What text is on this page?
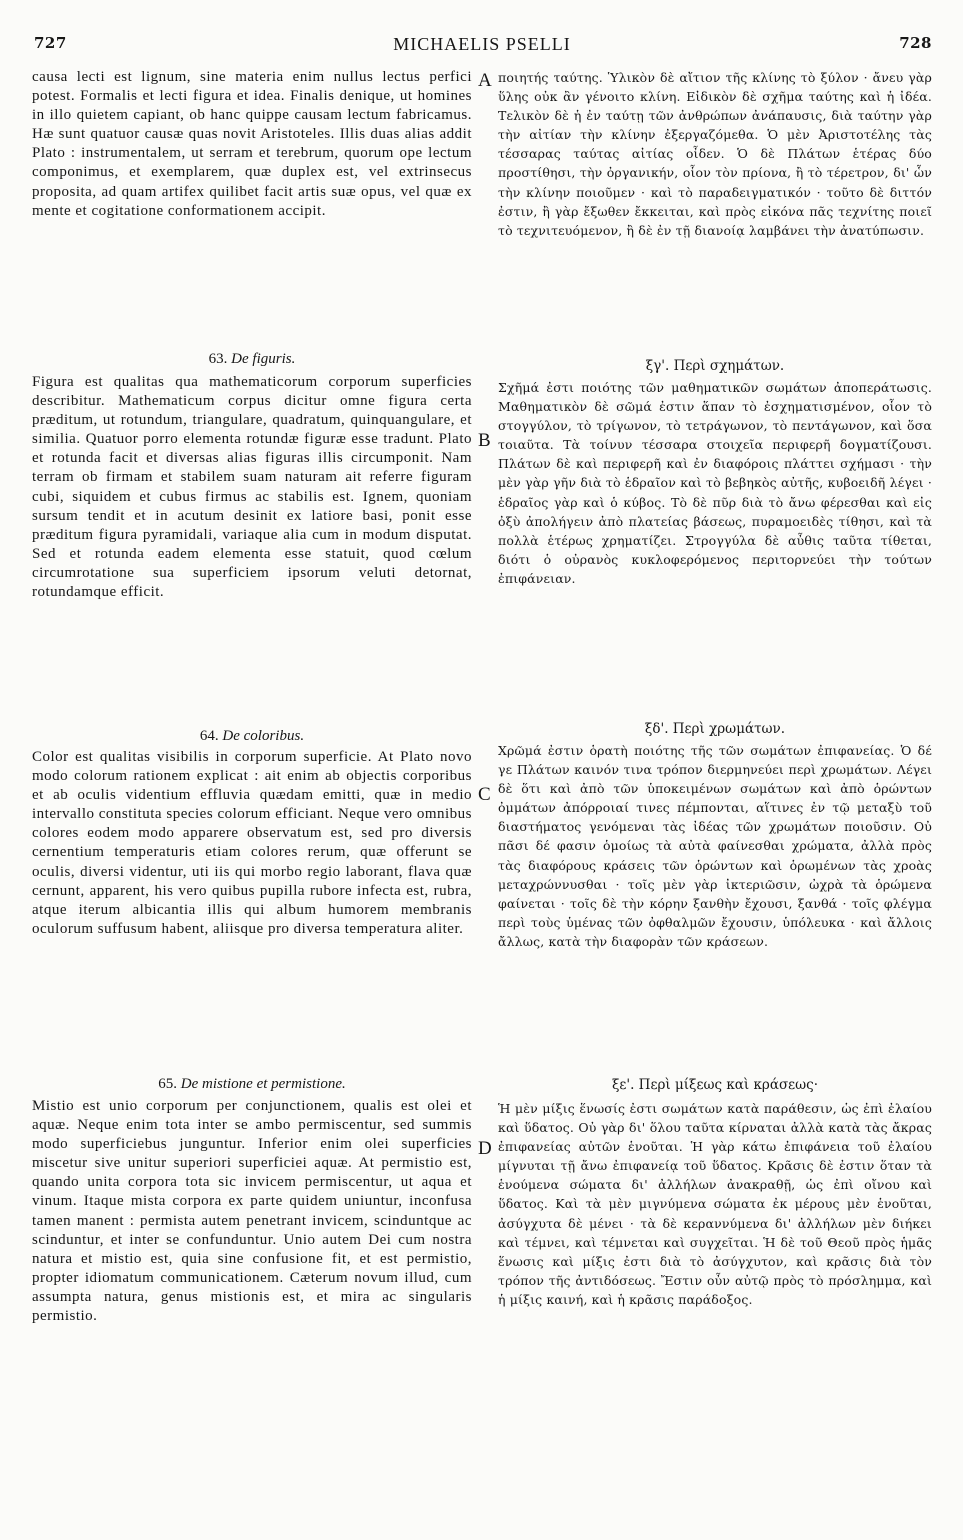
727	MICHAELIS PSELLI	728
causa lecti est lignum, sine materia enim nullus lectus perfici potest. Formalis et lecti figura et idea. Finalis denique, ut homines in illo quietem capiant, ob hanc quippe causam lectum fabricamus. Hæ sunt quatuor causæ quas novit Aristoteles. Illis duas alias addit Plato : instrumentalem, ut serram et terebrum, quorum ope lectum componimus, et exemplarem, quæ duplex est, vel extrinsecus proposita, ad quam artifex quilibet facit artis suæ opus, vel quæ ex mente et cogitatione conformationem accipit.
63. De figuris.
Figura est qualitas qua mathematicorum corporum superficies describitur. Mathematicum corpus dicitur omne figura certa præditum, ut rotundum, triangulare, quadratum, quinquangulare, et similia. Quatuor porro elementa rotundæ figuræ esse tradunt. Plato et rotunda facit et diversas alias figuras illis circumponit. Nam terram ob firmam et stabilem suam naturam ait referre figuram cubi, siquidem et cubus firmus ac stabilis est. Ignem, quoniam sursum tendit et in acutum desinit ex latiore basi, ponit esse præditum figura pyramidali, variaque alia cum in modum disputat. Sed et rotunda eadem elementa esse statuit, quod cœlum circumrotatione sua superficiem ipsorum veluti detornat, rotundamque efficit.
64. De coloribus.
Color est qualitas visibilis in corporum superficie. At Plato novo modo colorum rationem explicat : ait enim ab objectis corporibus et ab oculis videntium effluvia quædam emitti, quæ in medio intervallo constituta species colorum efficiant. Neque vero omnibus colores eodem modo apparere observatum est, sed pro diversis cernentium temperaturis etiam colores rerum, quæ offerunt se oculis, diversi videntur, uti iis qui morbo regio laborant, flava quæ cernunt, apparent, his vero quibus pupilla rubore infecta est, rubra, atque iterum albicantia illis qui album humorem membranis oculorum suffusum habent, aliisque pro diversa temperatura aliter.
65. De mistione et permistione.
Mistio est unio corporum per conjunctionem, qualis est olei et aquæ. Neque enim tota inter se ambo permiscentur, sed summis modo superficiebus junguntur. Inferior enim olei superficies miscetur sive unitur superiori superficiei aquæ. At permistio est, quando unita corpora tota sic invicem permiscentur, ut aqua et vinum. Itaque mista corpora ex parte quidem uniuntur, inconfusa tamen manent : permista autem penetrant invicem, scinduntque ac scinduntur, et inter se confunduntur. Unio autem Dei cum nostra natura et mistio est, quia sine confusione fit, et est permistio, propter idiomatum communicationem. Cæterum novum illud, cum assumpta natura, genus mistionis est, et mira ac singularis permistio.
A
B
C
D
ποιητής ταύτης. Ὑλικὸν δὲ αἴτιον τῆς κλίνης τὸ ξύλον · ἄνευ γὰρ ὕλης οὐκ ἂν γένοιτο κλίνη. Εἰδικὸν δὲ σχῆμα ταύτης καὶ ἡ ἰδέα. Τελικὸν δὲ ἡ ἐν ταύτῃ τῶν ἀνθρώπων ἀνάπαυσις, διὰ ταύτην γὰρ τὴν αἰτίαν τὴν κλίνην ἐξεργαζόμεθα. Ὁ μὲν Ἀριστοτέλης τὰς τέσσαρας ταύτας αἰτίας οἶδεν. Ὁ δὲ Πλάτων ἑτέρας δύο προστίθησι, τὴν ὀργανικήν, οἷον τὸν πρίονα, ἢ τὸ τέρετρον, δι' ὧν τὴν κλίνην ποιοῦμεν · καὶ τὸ παραδειγματικόν · τοῦτο δὲ διττόν ἐστιν, ἢ γὰρ ἔξωθεν ἔκκειται, καὶ πρὸς εἰκόνα πᾶς τεχνίτης ποιεῖ τὸ τεχνιτευόμενον, ἢ δὲ ἐν τῇ διανοίᾳ λαμβάνει τὴν ἀνατύπωσιν.
ξγ'. Περὶ σχημάτων.
Σχῆμά ἐστι ποιότης τῶν μαθηματικῶν σωμάτων ἀποπεράτωσις. Μαθηματικὸν δὲ σῶμά ἐστιν ἅπαν τὸ ἐσχηματισμένον, οἷον τὸ στογγύλον, τὸ τρίγωνον, τὸ τετράγωνον, τὸ πεντάγωνον, καὶ ὅσα τοιαῦτα. Τὰ τοίνυν τέσσαρα στοιχεῖα περιφερῆ δογματίζουσι. Πλάτων δὲ καὶ περιφερῆ καὶ ἐν διαφόροις πλάττει σχήμασι · τὴν μὲν γὰρ γῆν διὰ τὸ ἑδραῖον καὶ τὸ βεβηκὸς αὐτῆς, κυβοειδῆ λέγει · ἑδραῖος γὰρ καὶ ὁ κύβος. Τὸ δὲ πῦρ διὰ τὸ ἄνω φέρεσθαι καὶ εἰς ὀξὺ ἀπολήγειν ἀπὸ πλατείας βάσεως, πυραμοειδὲς τίθησι, καὶ τὰ πολλὰ ἑτέρως χρηματίζει. Στρογγύλα δὲ αὖθις ταῦτα τίθεται, διότι ὁ οὐρανὸς κυκλοφερόμενος περιτορνεύει τὴν τούτων ἐπιφάνειαν.
ξδ'. Περὶ χρωμάτων.
Χρῶμά ἐστιν ὁρατὴ ποιότης τῆς τῶν σωμάτων ἐπιφανείας. Ὁ δέ γε Πλάτων καινόν τινα τρόπον διερμηνεύει περὶ χρωμάτων. Λέγει δὲ ὅτι καὶ ἀπὸ τῶν ὑποκειμένων σωμάτων καὶ ἀπὸ ὁρώντων ὀμμάτων ἀπόρροιαί τινες πέμπονται, αἵτινες ἐν τῷ μεταξὺ τοῦ διαστήματος γενόμεναι τὰς ἰδέας τῶν χρωμάτων ποιοῦσιν. Οὐ πᾶσι δέ φασιν ὁμοίως τὰ αὐτὰ φαίνεσθαι χρώματα, ἀλλὰ πρὸς τὰς διαφόρους κράσεις τῶν ὁρώντων καὶ ὁρωμένων τὰς χροὰς μεταχρώννυσθαι · τοῖς μὲν γὰρ ἰκτεριῶσιν, ὠχρὰ τὰ ὁρώμενα φαίνεται · τοῖς δὲ τὴν κόρην ξανθὴν ἔχουσι, ξανθά · τοῖς φλέγμα περὶ τοὺς ὑμένας τῶν ὀφθαλμῶν ἔχουσιν, ὑπόλευκα · καὶ ἄλλοις ἄλλως, κατὰ τὴν διαφορὰν τῶν κράσεων.
ξε'. Περὶ μίξεως καὶ κράσεως·
Ἡ μὲν μίξις ἕνωσίς ἐστι σωμάτων κατὰ παράθεσιν, ὡς ἐπὶ ἐλαίου καὶ ὕδατος. Οὐ γὰρ δι' ὅλου ταῦτα κίρναται ἀλλὰ κατὰ τὰς ἄκρας ἐπιφανείας αὐτῶν ἑνοῦται. Ἡ γὰρ κάτω ἐπιφάνεια τοῦ ἐλαίου μίγνυται τῇ ἄνω ἐπιφανείᾳ τοῦ ὕδατος. Κρᾶσις δὲ ἐστιν ὅταν τὰ ἑνούμενα σώματα δι' ἀλλήλων ἀνακραθῇ, ὡς ἐπὶ οἴνου καὶ ὕδατος. Καὶ τὰ μὲν μιγνύμενα σώματα ἐκ μέρους μὲν ἑνοῦται, ἀσύγχυτα δὲ μένει · τὰ δὲ κεραννύμενα δι' ἀλλήλων μὲν διήκει καὶ τέμνει, καὶ τέμνεται καὶ συγχεῖται. Ἡ δὲ τοῦ Θεοῦ πρὸς ἡμᾶς ἕνωσις καὶ μίξις ἐστι διὰ τὸ ἀσύγχυτον, καὶ κρᾶσις διὰ τὸν τρόπον τῆς ἀντιδόσεως. Ἔστιν οὖν αὐτῷ πρὸς τὸ πρόσλημμα, καὶ ἡ μίξις καινή, καὶ ἡ κρᾶσις παράδοξος.
